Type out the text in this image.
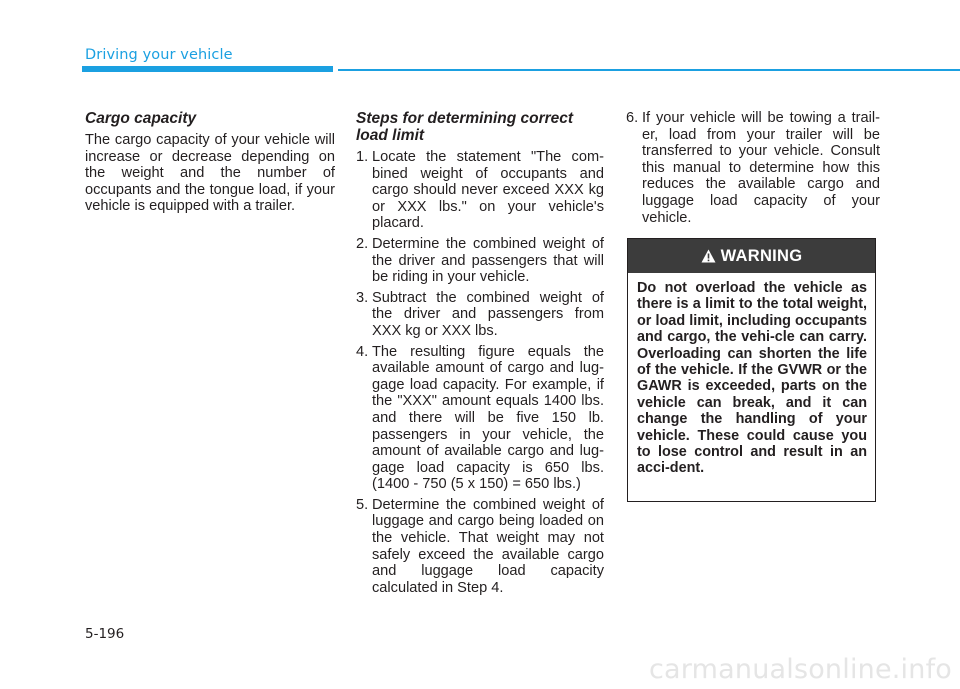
Driving your vehicle
Cargo capacity

The cargo capacity of your vehicle will increase or decrease depending on the weight and the number of occupants and the tongue load, if your vehicle is equipped with a trailer.

Steps for determining correct load limit
1. Locate the statement "The com-bined weight of occupants and cargo should never exceed XXX kg or XXX lbs." on your vehicle's placard.
2. Determine the combined weight of the driver and passengers that will be riding in your vehicle.
3. Subtract the combined weight of the driver and passengers from XXX kg or XXX lbs.
4. The resulting figure equals the available amount of cargo and lug-gage load capacity. For example, if the "XXX" amount equals 1400 lbs. and there will be five 150 lb. passengers in your vehicle, the amount of available cargo and lug-gage load capacity is 650 lbs. (1400 - 750 (5 x 150) = 650 lbs.)
5. Determine the combined weight of luggage and cargo being loaded on the vehicle. That weight may not safely exceed the available cargo and luggage load capacity calculated in Step 4.
6. If your vehicle will be towing a trail-er, load from your trailer will be transferred to your vehicle. Consult this manual to determine how this reduces the available cargo and luggage load capacity of your vehicle.
WARNING
Do not overload the vehicle as there is a limit to the total weight, or load limit, including occupants and cargo, the vehi-cle can carry. Overloading can shorten the life of the vehicle. If the GVWR or the GAWR is exceeded, parts on the vehicle can break, and it can change the handling of your vehicle. These could cause you to lose control and result in an acci-dent.
5-196
carmanualsonline.info
